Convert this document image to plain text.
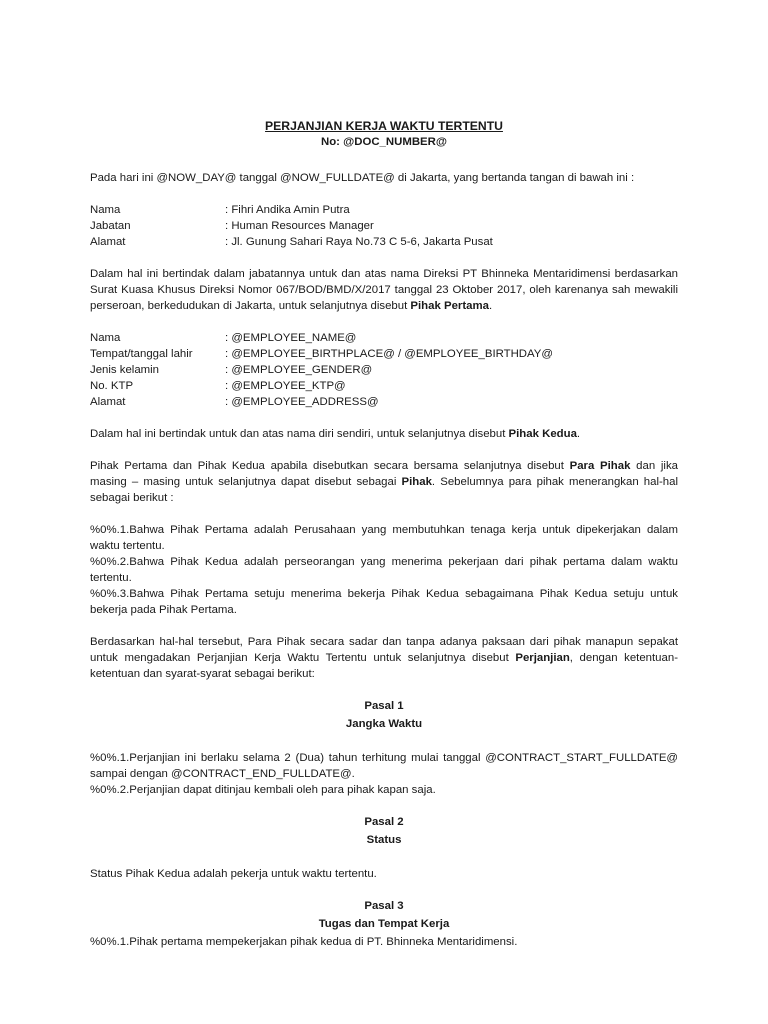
PERJANJIAN KERJA WAKTU TERTENTU
No: @DOC_NUMBER@

Pada hari ini @NOW_DAY@ tanggal @NOW_FULLDATE@ di Jakarta, yang bertanda tangan di bawah ini :

Nama	: Fihri Andika Amin Putra
Jabatan	: Human Resources Manager
Alamat	: Jl. Gunung Sahari Raya No.73 C 5-6, Jakarta Pusat

Dalam hal ini bertindak dalam jabatannya untuk dan atas nama Direksi PT Bhinneka Mentaridimensi berdasarkan Surat Kuasa Khusus Direksi Nomor 067/BOD/BMD/X/2017 tanggal 23 Oktober 2017, oleh karenanya sah mewakili perseroan, berkedudukan di Jakarta, untuk selanjutnya disebut Pihak Pertama.

Nama	: @EMPLOYEE_NAME@
Tempat/tanggal lahir	: @EMPLOYEE_BIRTHPLACE@ / @EMPLOYEE_BIRTHDAY@
Jenis kelamin	: @EMPLOYEE_GENDER@
No. KTP	: @EMPLOYEE_KTP@
Alamat	: @EMPLOYEE_ADDRESS@

Dalam hal ini bertindak untuk dan atas nama diri sendiri, untuk selanjutnya disebut Pihak Kedua.

Pihak Pertama dan Pihak Kedua apabila disebutkan secara bersama selanjutnya disebut Para Pihak dan jika masing – masing untuk selanjutnya dapat disebut sebagai Pihak. Sebelumnya para pihak menerangkan hal-hal sebagai berikut :

%0%.1.Bahwa Pihak Pertama adalah Perusahaan yang membutuhkan tenaga kerja untuk dipekerjakan dalam waktu tertentu.
%0%.2.Bahwa Pihak Kedua adalah perseorangan yang menerima pekerjaan dari pihak pertama dalam waktu tertentu.
%0%.3.Bahwa Pihak Pertama setuju menerima bekerja Pihak Kedua sebagaimana Pihak Kedua setuju untuk bekerja pada Pihak Pertama.

Berdasarkan hal-hal tersebut, Para Pihak secara sadar dan tanpa adanya paksaan dari pihak manapun sepakat untuk mengadakan Perjanjian Kerja Waktu Tertentu untuk selanjutnya disebut Perjanjian, dengan ketentuan-ketentuan dan syarat-syarat sebagai berikut:

Pasal 1
Jangka Waktu
%0%.1.Perjanjian ini berlaku selama 2 (Dua) tahun terhitung mulai tanggal @CONTRACT_START_FULLDATE@ sampai dengan @CONTRACT_END_FULLDATE@.
%0%.2.Perjanjian dapat ditinjau kembali oleh para pihak kapan saja.
Pasal 2
Status

Status Pihak Kedua adalah pekerja untuk waktu tertentu.

Pasal 3
Tugas dan Tempat Kerja
%0%.1.Pihak pertama mempekerjakan pihak kedua di PT. Bhinneka Mentaridimensi.
